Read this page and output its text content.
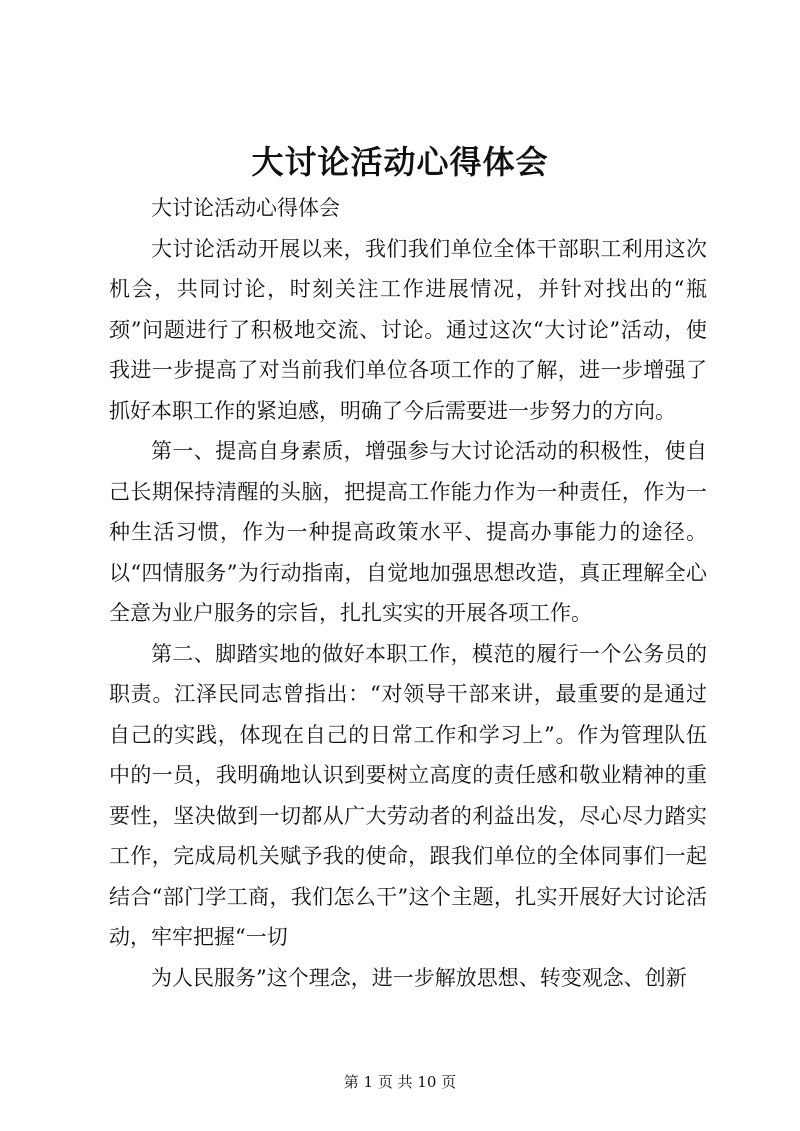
大讨论活动心得体会

大讨论活动心得体会

大讨论活动开展以来，我们我们单位全体干部职工利用这次机会，共同讨论，时刻关注工作进展情况，并针对找出的“瓶颈”问题进行了积极地交流、讨论。通过这次“大讨论”活动，使我进一步提高了对当前我们单位各项工作的了解，进一步增强了抓好本职工作的紧迫感，明确了今后需要进一步努力的方向。

第一、提高自身素质，增强参与大讨论活动的积极性，使自己长期保持清醒的头脑，把提高工作能力作为一种责任，作为一种生活习惯，作为一种提高政策水平、提高办事能力的途径。以“四情服务”为行动指南，自觉地加强思想改造，真正理解全心全意为业户服务的宗旨，扎扎实实的开展各项工作。

第二、脚踏实地的做好本职工作，模范的履行一个公务员的职责。江泽民同志曾指出：“对领导干部来讲，最重要的是通过自己的实践，体现在自己的日常工作和学习上”。作为管理队伍中的一员，我明确地认识到要树立高度的责任感和敬业精神的重要性，坚决做到一切都从广大劳动者的利益出发，尽心尽力踏实工作，完成局机关赋予我的使命，跟我们单位的全体同事们一起结合“部门学工商，我们怎么干”这个主题，扎实开展好大讨论活动，牢牢把握“一切

为人民服务”这个理念，进一步解放思想、转变观念、创新

第 1 页 共 10 页
